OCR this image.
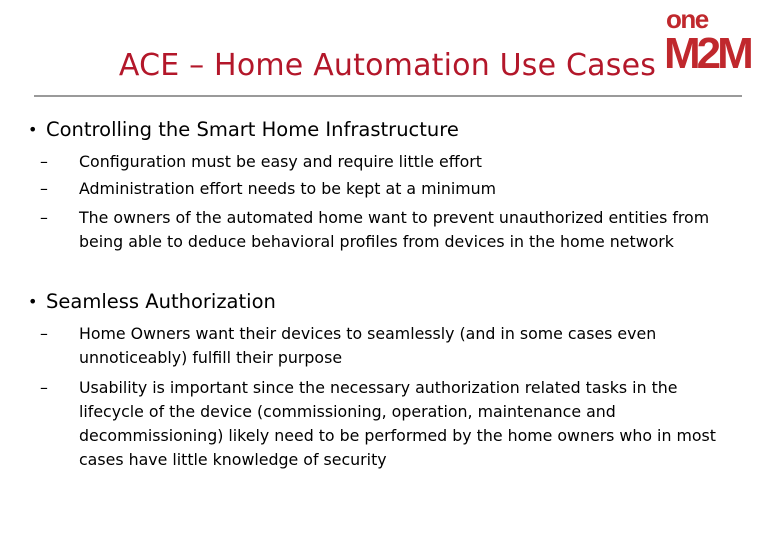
ACE – Home Automation Use Cases
one
M2M
• Controlling the Smart Home Infrastructure
– Configuration must be easy and require little effort
– Administration effort needs to be kept at a minimum
– The owners of the automated home want to prevent unauthorized entities from being able to deduce behavioral profiles from devices in the home network
• Seamless Authorization
– Home Owners want their devices to seamlessly (and in some cases even unnoticeably) fulfill their purpose
– Usability is important since the necessary authorization related tasks in the lifecycle of the device (commissioning, operation, maintenance and decommissioning) likely need to be performed by the home owners who in most cases have little knowledge of security
